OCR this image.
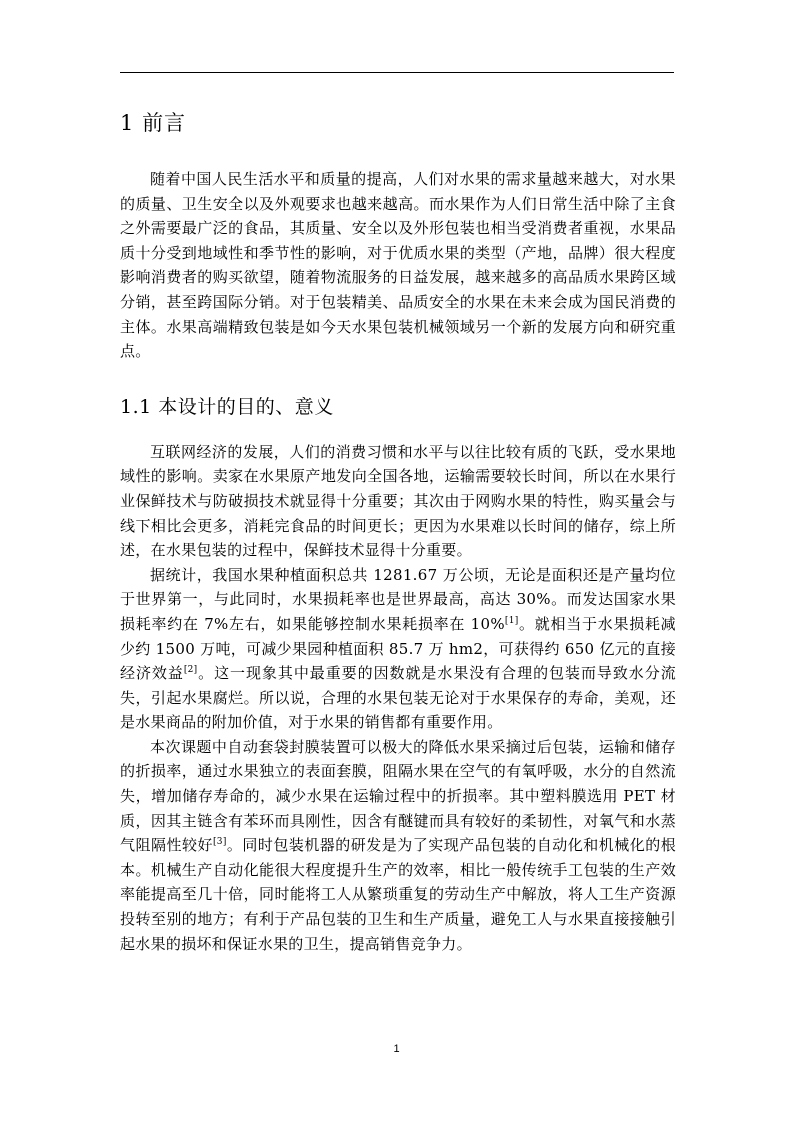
1 前言

随着中国人民生活水平和质量的提高，人们对水果的需求量越来越大，对水果的质量、卫生安全以及外观要求也越来越高。而水果作为人们日常生活中除了主食之外需要最广泛的食品，其质量、安全以及外形包装也相当受消费者重视，水果品质十分受到地域性和季节性的影响，对于优质水果的类型（产地，品牌）很大程度影响消费者的购买欲望，随着物流服务的日益发展，越来越多的高品质水果跨区域分销，甚至跨国际分销。对于包装精美、品质安全的水果在未来会成为国民消费的主体。水果高端精致包装是如今天水果包装机械领域另一个新的发展方向和研究重点。

1.1 本设计的目的、意义

互联网经济的发展，人们的消费习惯和水平与以往比较有质的飞跃，受水果地域性的影响。卖家在水果原产地发向全国各地，运输需要较长时间，所以在水果行业保鲜技术与防破损技术就显得十分重要；其次由于网购水果的特性，购买量会与线下相比会更多，消耗完食品的时间更长；更因为水果难以长时间的储存，综上所述，在水果包装的过程中，保鲜技术显得十分重要。

据统计，我国水果种植面积总共 1281.67 万公顷，无论是面积还是产量均位于世界第一，与此同时，水果损耗率也是世界最高，高达 30%。而发达国家水果损耗率约在 7%左右，如果能够控制水果耗损率在 10%[1]。就相当于水果损耗减少约 1500 万吨，可减少果园种植面积 85.7 万 hm2，可获得约 650 亿元的直接经济效益[2]。这一现象其中最重要的因数就是水果没有合理的包装而导致水分流失，引起水果腐烂。所以说，合理的水果包装无论对于水果保存的寿命，美观，还是水果商品的附加价值，对于水果的销售都有重要作用。

本次课题中自动套袋封膜装置可以极大的降低水果采摘过后包装，运输和储存的折损率，通过水果独立的表面套膜，阻隔水果在空气的有氧呼吸，水分的自然流失，增加储存寿命的，减少水果在运输过程中的折损率。其中塑料膜选用 PET 材质，因其主链含有苯环而具刚性，因含有醚键而具有较好的柔韧性，对氧气和水蒸气阻隔性较好[3]。同时包装机器的研发是为了实现产品包装的自动化和机械化的根本。机械生产自动化能很大程度提升生产的效率，相比一般传统手工包装的生产效率能提高至几十倍，同时能将工人从繁琐重复的劳动生产中解放，将人工生产资源投转至别的地方；有利于产品包装的卫生和生产质量，避免工人与水果直接接触引起水果的损坏和保证水果的卫生，提高销售竞争力。

1
